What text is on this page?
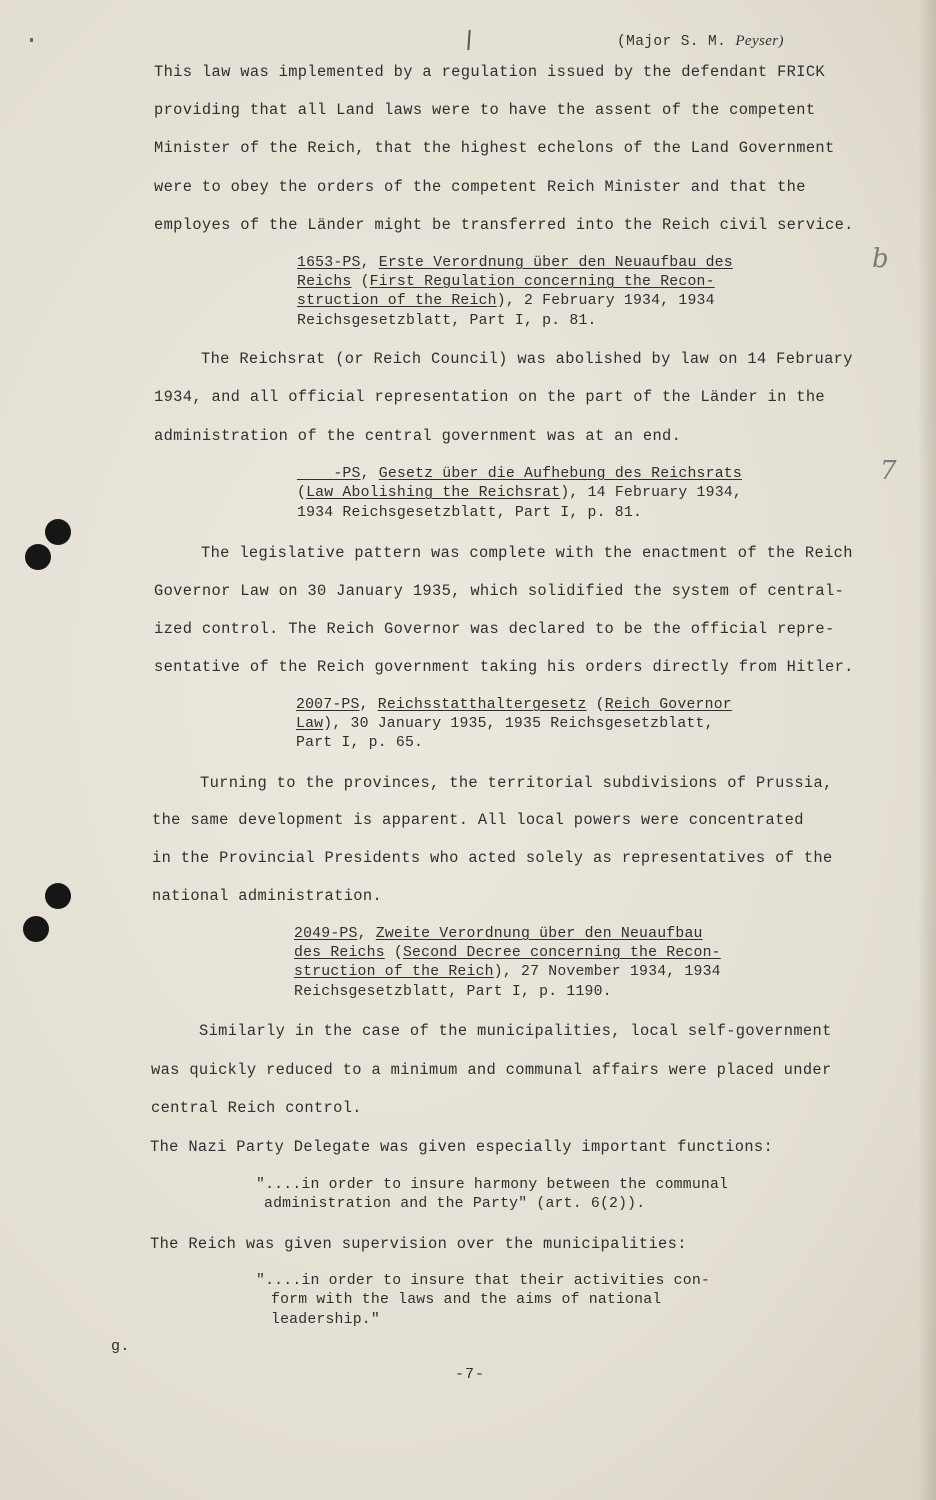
(Major S. M. Peyser)
This law was implemented by a regulation issued by the defendant FRICK
providing that all Land laws were to have the assent of the competent
Minister of the Reich, that the highest echelons of the Land Government
were to obey the orders of the competent Reich Minister and that the
employes of the Länder might be transferred into the Reich civil service.
1653-PS, Erste Verordnung über den Neuaufbau des
Reichs (First Regulation concerning the Recon-
struction of the Reich), 2 February 1934, 1934
Reichsgesetzblatt, Part I, p. 81.
b
The Reichsrat (or Reich Council) was abolished by law on 14 February
1934, and all official representation on the part of the Länder in the
administration of the central government was at an end.
-PS, Gesetz über die Aufhebung des Reichsrats
(Law Abolishing the Reichsrat), 14 February 1934,
1934 Reichsgesetzblatt, Part I, p. 81.
7
The legislative pattern was complete with the enactment of the Reich
Governor Law on 30 January 1935, which solidified the system of central-
ized control. The Reich Governor was declared to be the official repre-
sentative of the Reich government taking his orders directly from Hitler.
2007-PS, Reichsstatthaltergesetz (Reich Governor
Law), 30 January 1935, 1935 Reichsgesetzblatt,
Part I, p. 65.
Turning to the provinces, the territorial subdivisions of Prussia,
the same development is apparent. All local powers were concentrated
in the Provincial Presidents who acted solely as representatives of the
national administration.
2049-PS, Zweite Verordnung über den Neuaufbau
des Reichs (Second Decree concerning the Recon-
struction of the Reich), 27 November 1934, 1934
Reichsgesetzblatt, Part I, p. 1190.
Similarly in the case of the municipalities, local self-government
was quickly reduced to a minimum and communal affairs were placed under
central Reich control.
The Nazi Party Delegate was given especially important functions:
"....in order to insure harmony between the communal
administration and the Party" (art. 6(2)).
The Reich was given supervision over the municipalities:
"....in order to insure that their activities con-
form with the laws and the aims of national
leadership."
g.
-7-
